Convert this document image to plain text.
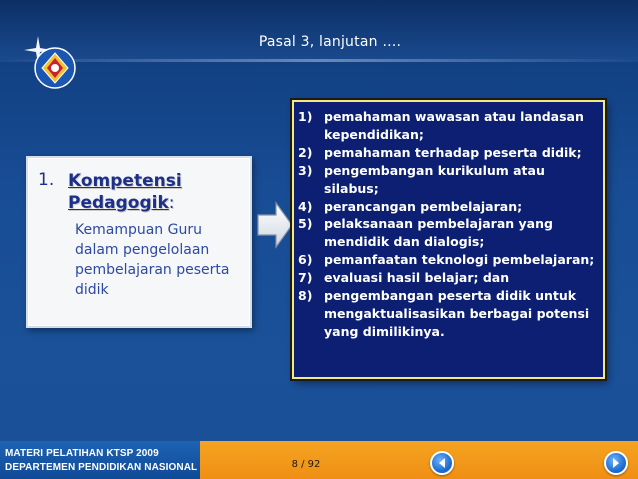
Pasal 3, lanjutan ….
1. Kompetensi
Pedagogik:
Kemampuan Guru dalam pengelolaan pembelajaran peserta didik
1) pemahaman wawasan atau landasan kependidikan;
2) pemahaman terhadap peserta didik;
3) pengembangan kurikulum atau silabus;
4) perancangan pembelajaran;
5) pelaksanaan pembelajaran yang mendidik dan dialogis;
6) pemanfaatan teknologi pembelajaran;
7) evaluasi hasil belajar; dan
8) pengembangan peserta didik untuk mengaktualisasikan berbagai potensi yang dimilikinya.
MATERI PELATIHAN KTSP 2009
DEPARTEMEN PENDIDIKAN NASIONAL	8 / 92
